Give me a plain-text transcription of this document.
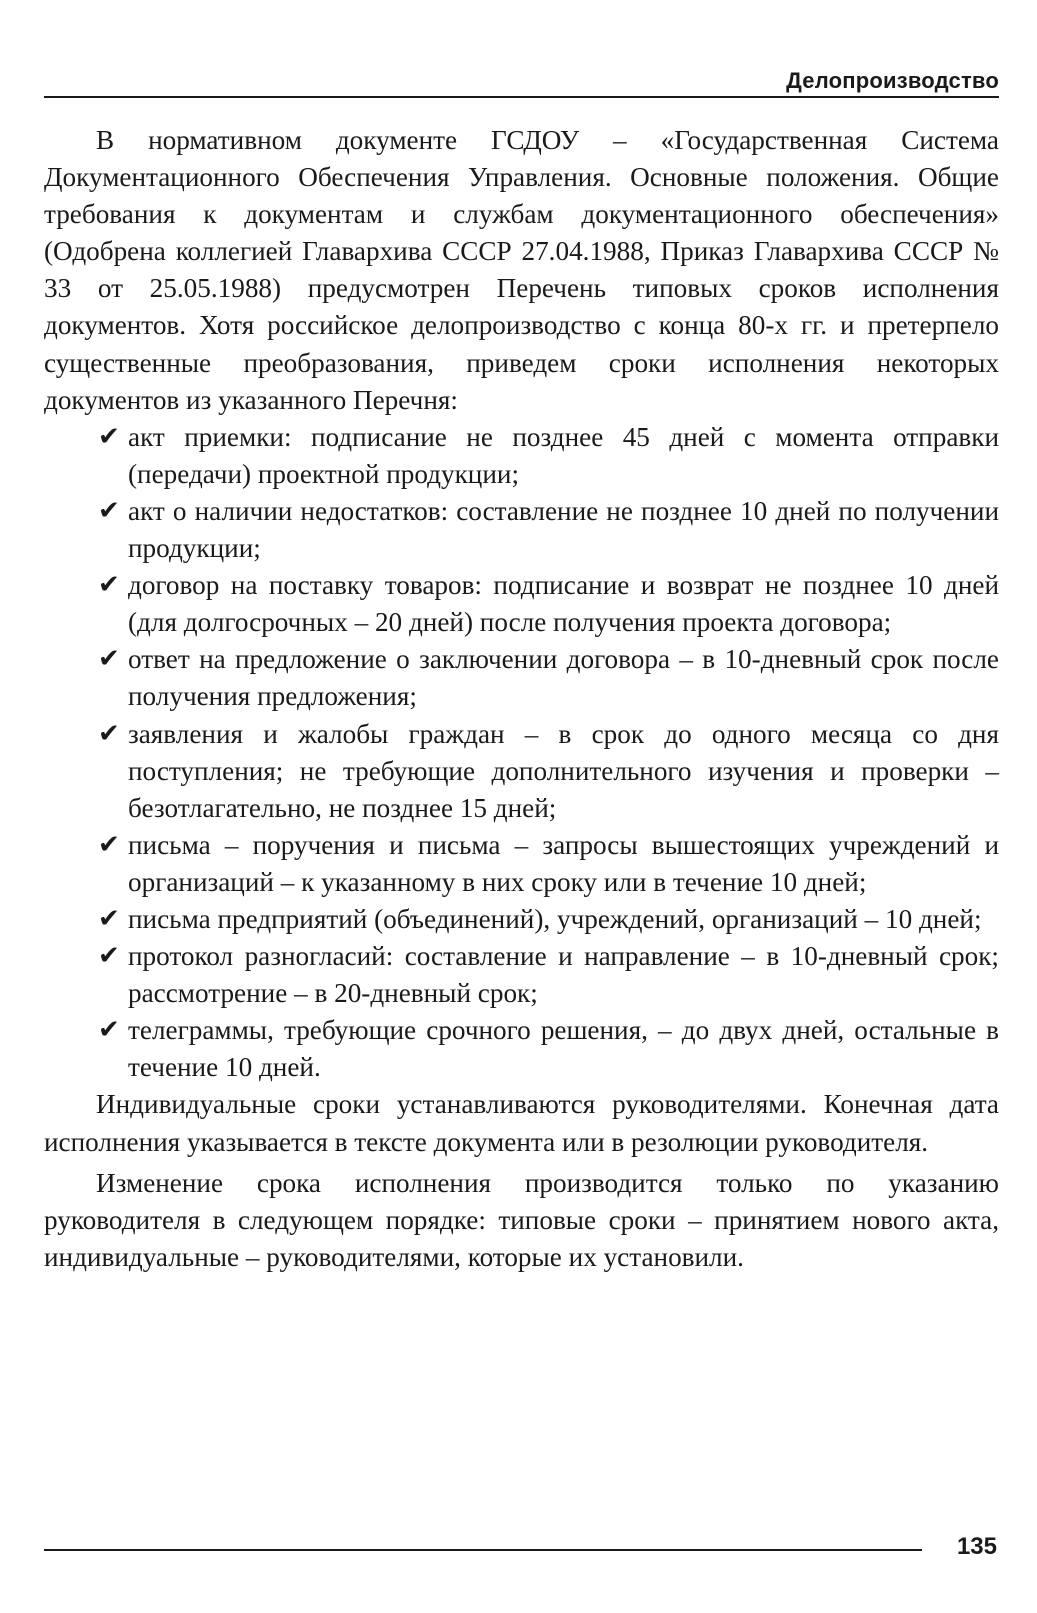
Делопроизводство

В нормативном документе ГСДОУ – «Государственная Система Документационного Обеспечения Управления. Основные положения. Общие требования к документам и службам документационного обеспечения» (Одобрена коллегией Главархива СССР 27.04.1988, Приказ Главархива СССР № 33 от 25.05.1988) предусмотрен Перечень типовых сроков исполнения документов. Хотя российское делопроизводство с конца 80-х гг. и претерпело существенные преобразования, приведем сроки исполнения некоторых документов из указанного Перечня:

✔ акт приемки: подписание не позднее 45 дней с момента отправки (передачи) проектной продукции;
✔ акт о наличии недостатков: составление не позднее 10 дней по получении продукции;
✔ договор на поставку товаров: подписание и возврат не позднее 10 дней (для долгосрочных – 20 дней) после получения проекта договора;
✔ ответ на предложение о заключении договора – в 10-дневный срок после получения предложения;
✔ заявления и жалобы граждан – в срок до одного месяца со дня поступления; не требующие дополнительного изучения и проверки – безотлагательно, не позднее 15 дней;
✔ письма – поручения и письма – запросы вышестоящих учреждений и организаций – к указанному в них сроку или в течение 10 дней;
✔ письма предприятий (объединений), учреждений, организаций – 10 дней;
✔ протокол разногласий: составление и направление – в 10-дневный срок; рассмотрение – в 20-дневный срок;
✔ телеграммы, требующие срочного решения, – до двух дней, остальные в течение 10 дней.

Индивидуальные сроки устанавливаются руководителями. Конечная дата исполнения указывается в тексте документа или в резолюции руководителя.

Изменение срока исполнения производится только по указанию руководителя в следующем порядке: типовые сроки – принятием нового акта, индивидуальные – руководителями, которые их установили.

135
